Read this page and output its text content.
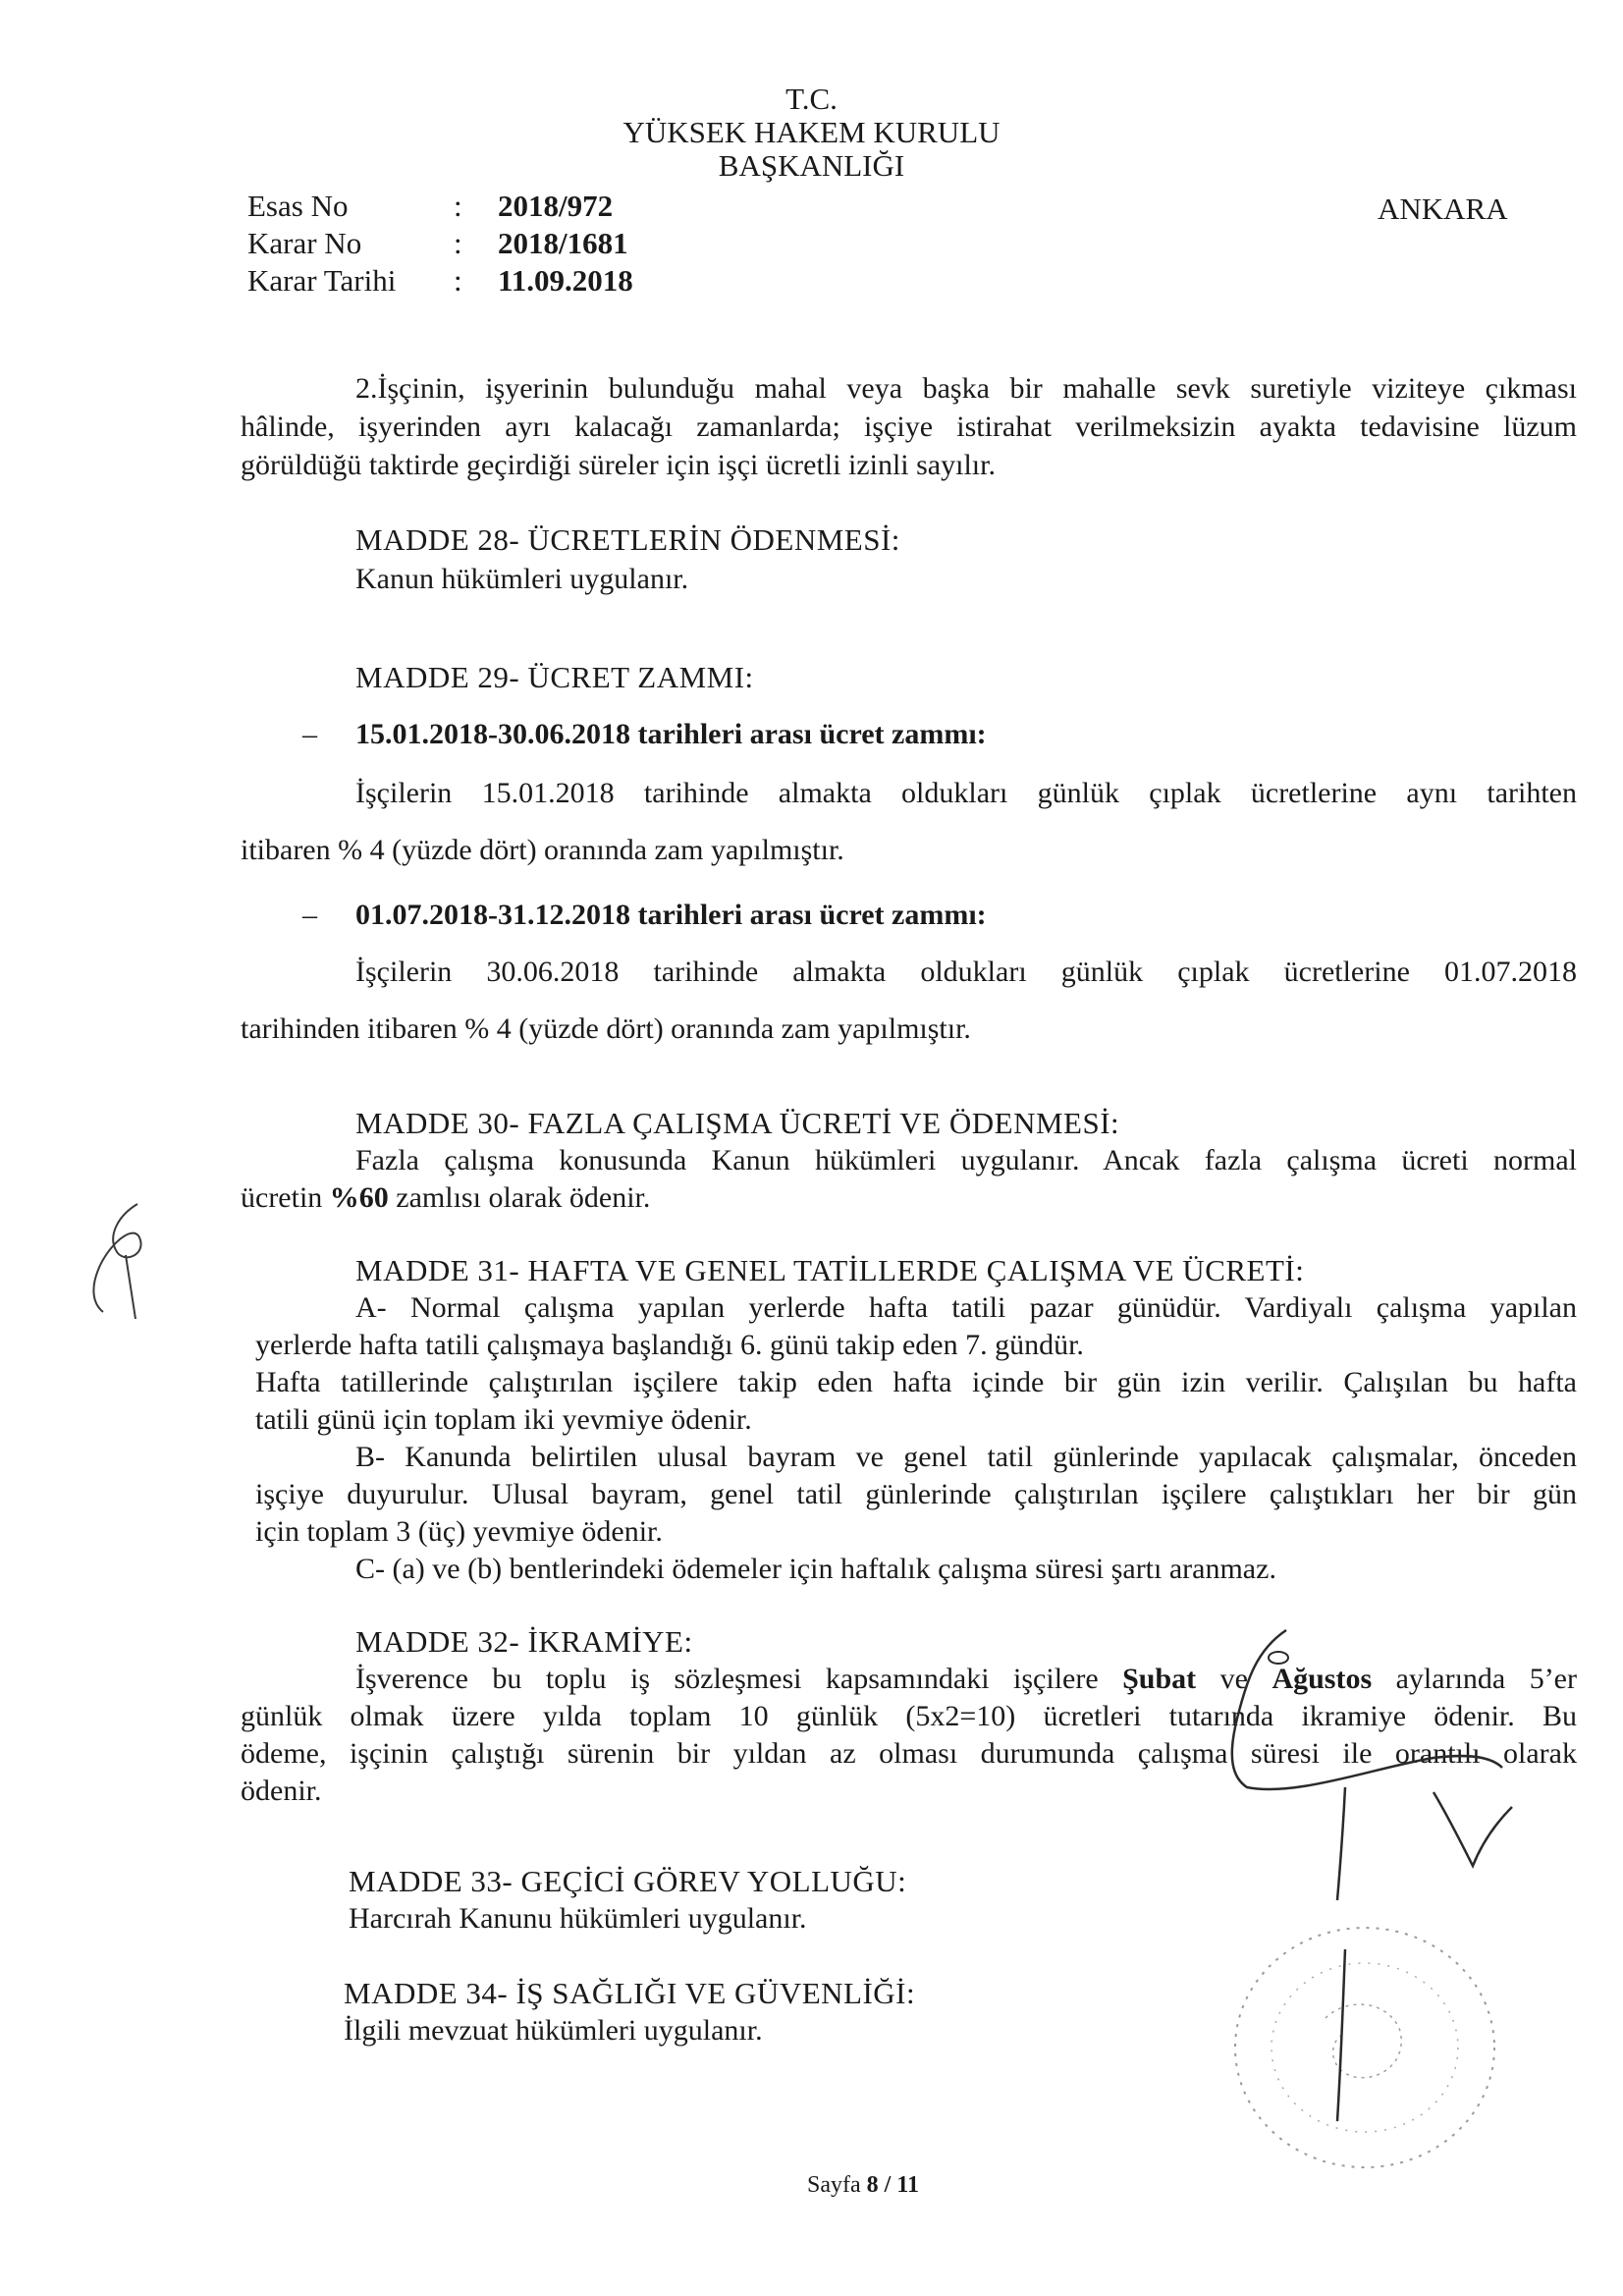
T.C.
YÜKSEK HAKEM KURULU
BAŞKANLIĞI
ANKARA
Esas No	: 2018/972
Karar No	: 2018/1681
Karar Tarihi : 11.09.2018
2.İşçinin, işyerinin bulunduğu mahal veya başka bir mahalle sevk suretiyle viziteye çıkması
hâlinde, işyerinden ayrı kalacağı zamanlarda; işçiye istirahat verilmeksizin ayakta tedavisine lüzum
görüldüğü taktirde geçirdiği süreler için işçi ücretli izinli sayılır.
MADDE 28- ÜCRETLERİN ÖDENMESİ:
Kanun hükümleri uygulanır.
MADDE 29- ÜCRET ZAMMI:
– 15.01.2018-30.06.2018 tarihleri arası ücret zammı:
İşçilerin 15.01.2018 tarihinde almakta oldukları günlük çıplak ücretlerine aynı tarihten
itibaren % 4 (yüzde dört) oranında zam yapılmıştır.
– 01.07.2018-31.12.2018 tarihleri arası ücret zammı:
İşçilerin 30.06.2018 tarihinde almakta oldukları günlük çıplak ücretlerine 01.07.2018
tarihinden itibaren % 4 (yüzde dört) oranında zam yapılmıştır.
MADDE 30- FAZLA ÇALIŞMA ÜCRETİ VE ÖDENMESİ:
Fazla çalışma konusunda Kanun hükümleri uygulanır. Ancak fazla çalışma ücreti normal
ücretin %60 zamlısı olarak ödenir.
MADDE 31- HAFTA VE GENEL TATİLLERDE ÇALIŞMA VE ÜCRETİ:
A- Normal çalışma yapılan yerlerde hafta tatili pazar günüdür. Vardiyalı çalışma yapılan
yerlerde hafta tatili çalışmaya başlandığı 6. günü takip eden 7. gündür.
Hafta tatillerinde çalıştırılan işçilere takip eden hafta içinde bir gün izin verilir. Çalışılan bu hafta
tatili günü için toplam iki yevmiye ödenir.
B- Kanunda belirtilen ulusal bayram ve genel tatil günlerinde yapılacak çalışmalar, önceden
işçiye duyurulur. Ulusal bayram, genel tatil günlerinde çalıştırılan işçilere çalıştıkları her bir gün
için toplam 3 (üç) yevmiye ödenir.
C- (a) ve (b) bentlerindeki ödemeler için haftalık çalışma süresi şartı aranmaz.
MADDE 32- İKRAMİYE:
İşverence bu toplu iş sözleşmesi kapsamındaki işçilere Şubat ve Ağustos aylarında 5’er
günlük olmak üzere yılda toplam 10 günlük (5x2=10) ücretleri tutarında ikramiye ödenir. Bu
ödeme, işçinin çalıştığı sürenin bir yıldan az olması durumunda çalışma süresi ile orantılı olarak
ödenir.
MADDE 33- GEÇİCİ GÖREV YOLLUĞU:
Harcırah Kanunu hükümleri uygulanır.
MADDE 34- İŞ SAĞLIĞI VE GÜVENLİĞİ:
İlgili mevzuat hükümleri uygulanır.
Sayfa 8 / 11
